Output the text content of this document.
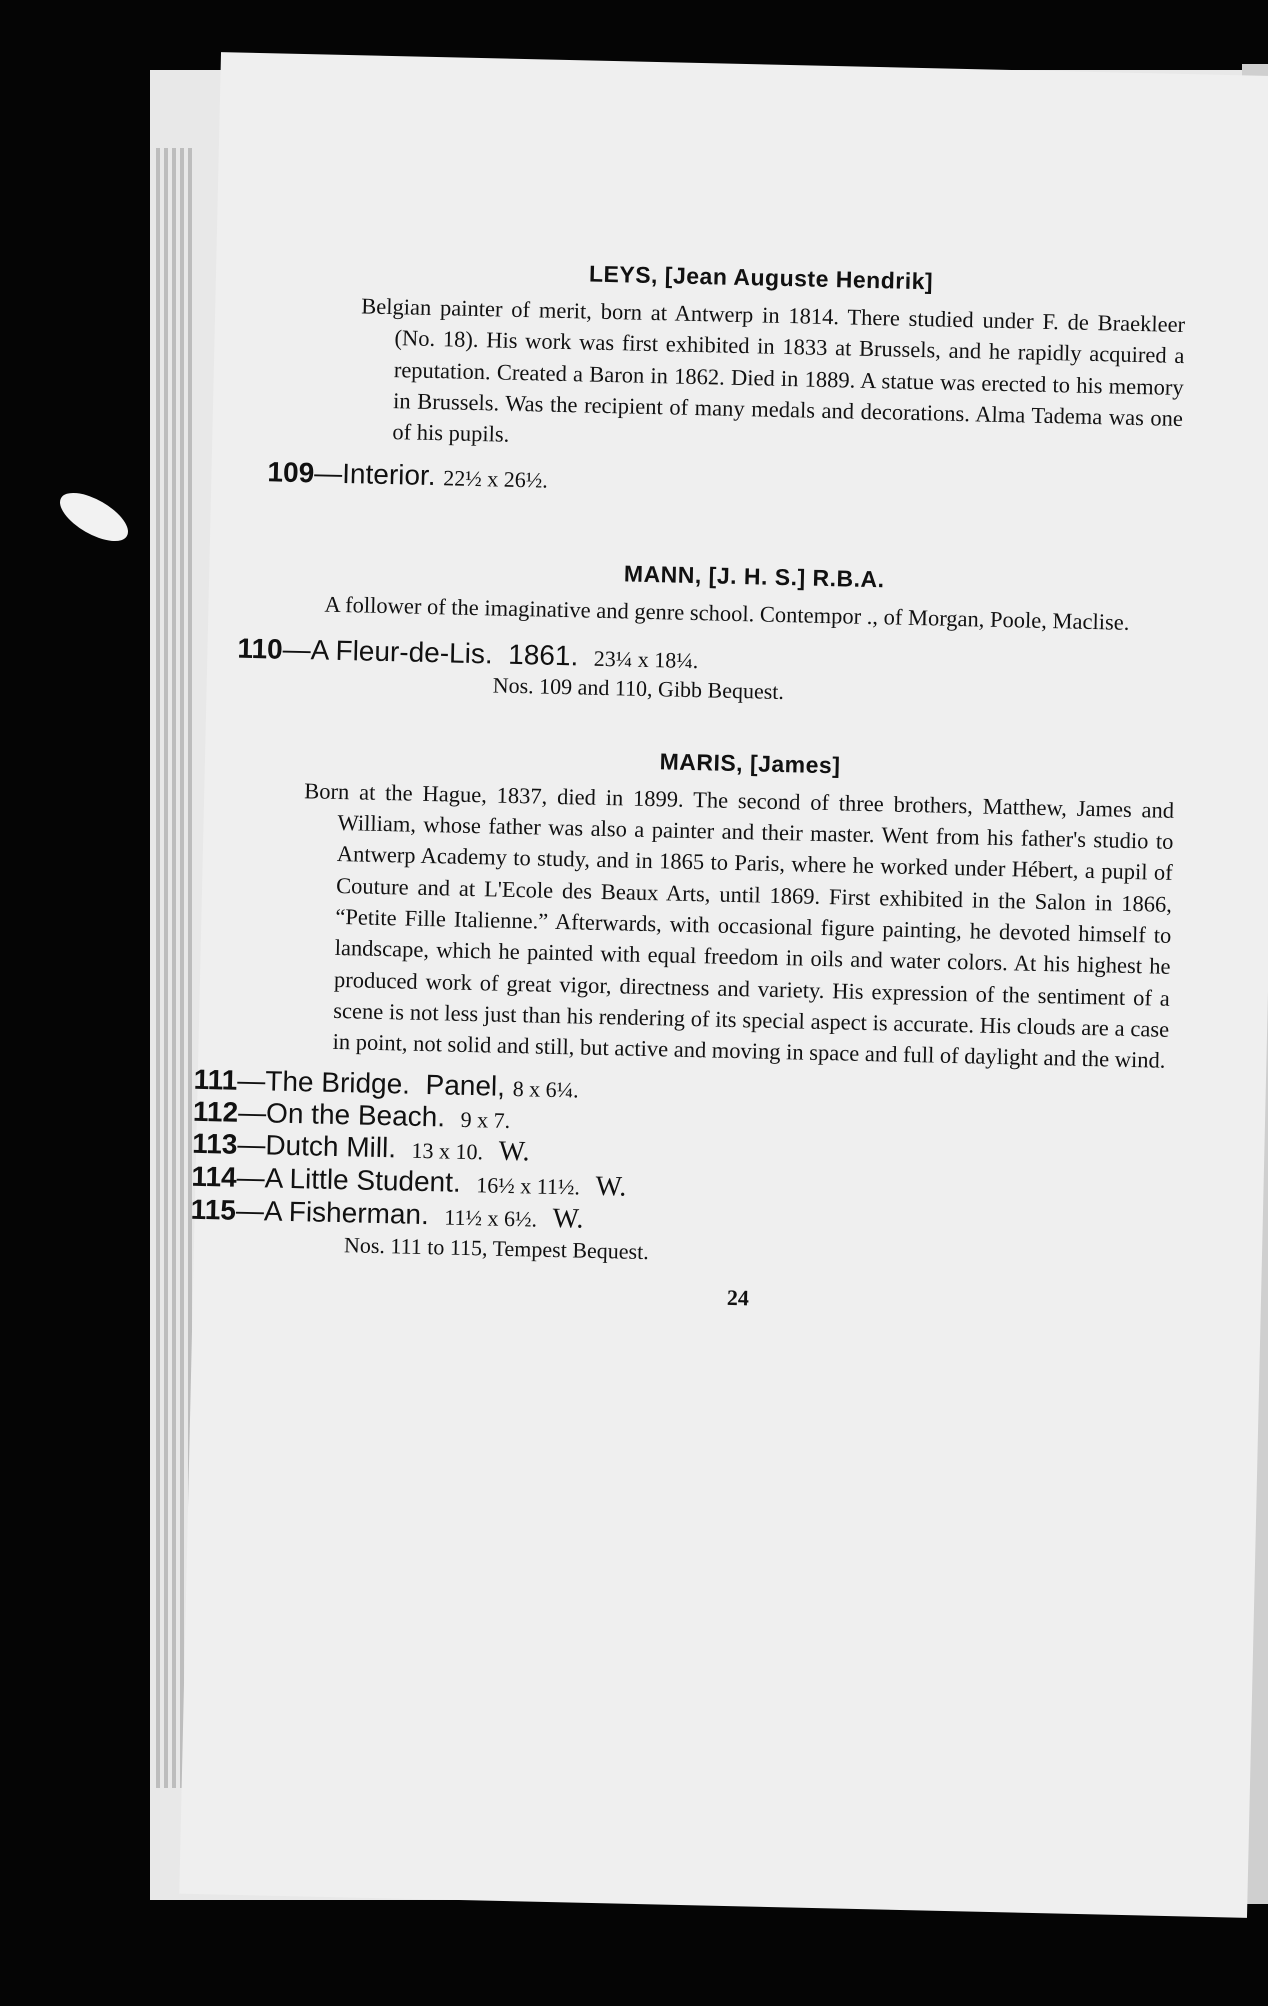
LEYS, [Jean Auguste Hendrik]

Belgian painter of merit, born at Antwerp in 1814. There studied under F. de Braekleer (No. 18). His work was first exhibited in 1833 at Brussels, and he rapidly acquired a reputation. Created a Baron in 1862. Died in 1889. A statue was erected to his memory in Brussels. Was the recipient of many medals and decorations. Alma Tadema was one of his pupils.

109—Interior. 22½ x 26½.

MANN, [J. H. S.] R.B.A.

A follower of the imaginative and genre school. Contempor ., of Morgan, Poole, Maclise.

110—A Fleur-de-Lis. 1861. 23¼ x 18¼.

Nos. 109 and 110, Gibb Bequest.

MARIS, [James]

Born at the Hague, 1837, died in 1899. The second of three brothers, Matthew, James and William, whose father was also a painter and their master. Went from his father's studio to Antwerp Academy to study, and in 1865 to Paris, where he worked under Hébert, a pupil of Couture and at L'Ecole des Beaux Arts, until 1869. First exhibited in the Salon in 1866, “Petite Fille Italienne.” Afterwards, with occasional figure painting, he devoted himself to landscape, which he painted with equal freedom in oils and water colors. At his highest he produced work of great vigor, directness and variety. His expression of the sentiment of a scene is not less just than his rendering of its special aspect is accurate. His clouds are a case in point, not solid and still, but active and moving in space and full of daylight and the wind.

111—The Bridge. Panel, 8 x 6¼.

112—On the Beach. 9 x 7.

113—Dutch Mill. 13 x 10. W.

114—A Little Student. 16½ x 11½. W.

115—A Fisherman. 11½ x 6½. W.

Nos. 111 to 115, Tempest Bequest.

24
